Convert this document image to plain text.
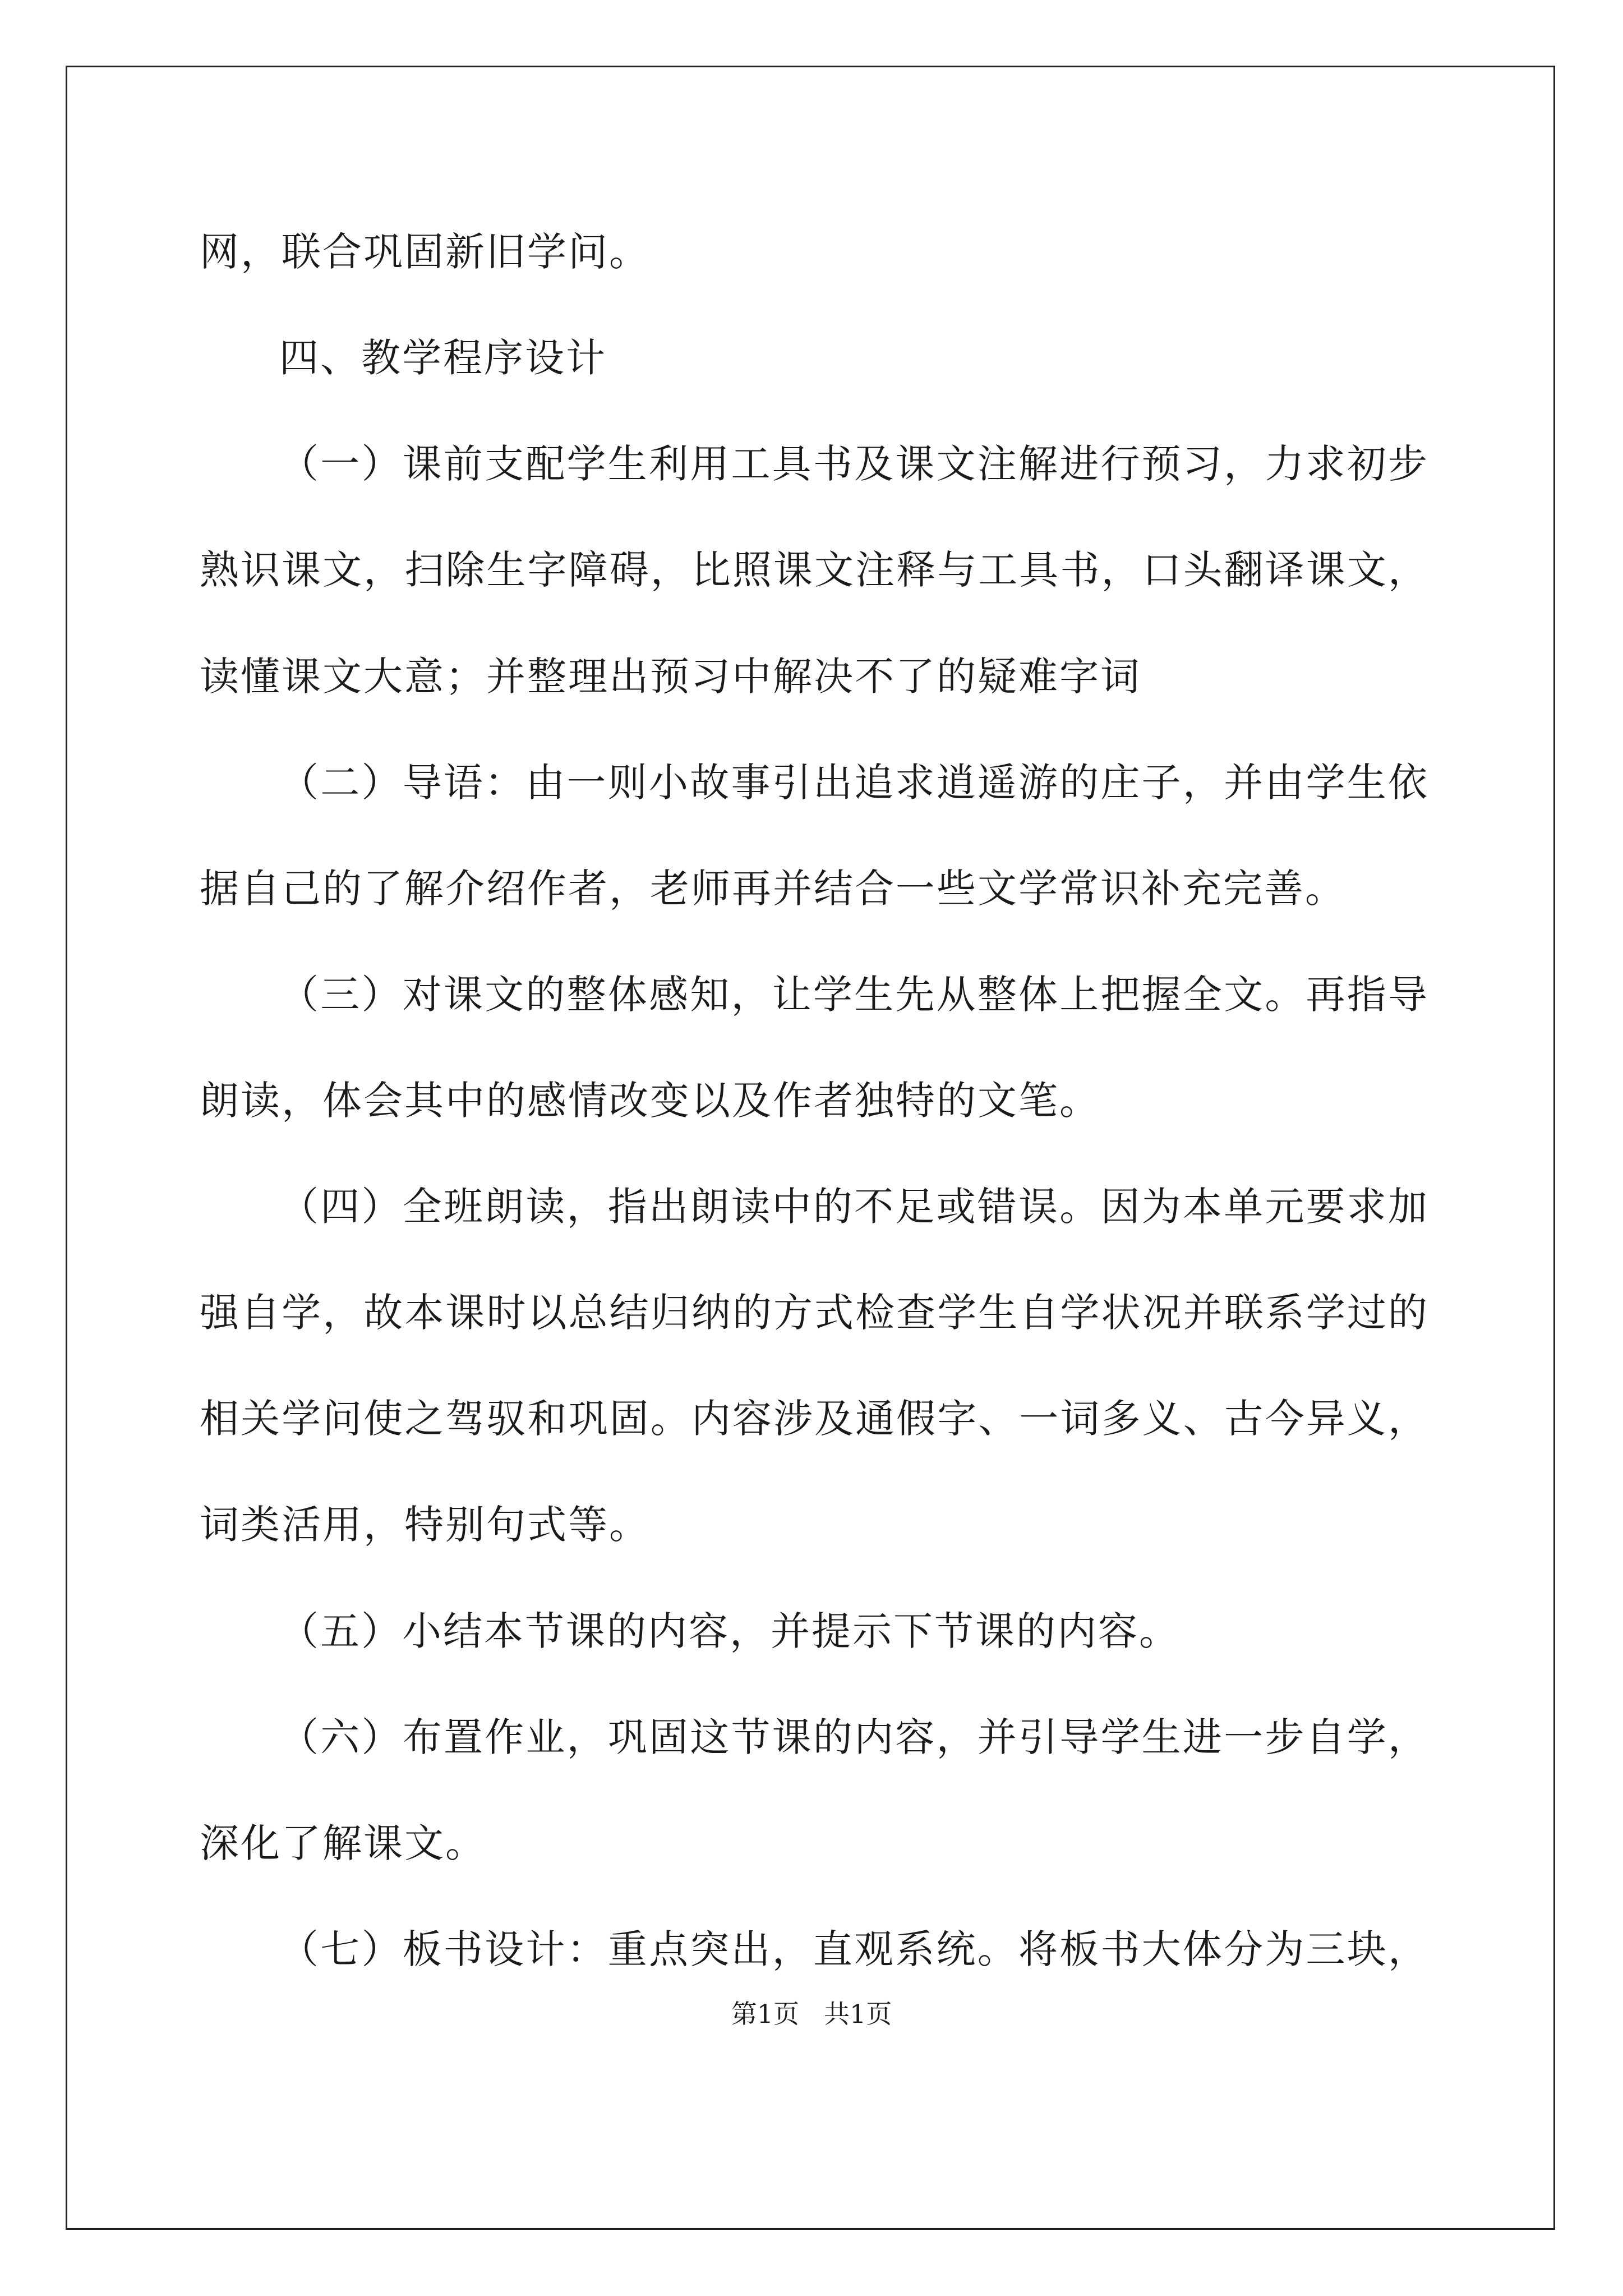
网，联合巩固新旧学问。
四、教学程序设计
（一）课前支配学生利用工具书及课文注解进行预习，力求初步
熟识课文，扫除生字障碍，比照课文注释与工具书，口头翻译课文，
读懂课文大意；并整理出预习中解决不了的疑难字词
（二）导语：由一则小故事引出追求逍遥游的庄子，并由学生依
据自己的了解介绍作者，老师再并结合一些文学常识补充完善。
（三）对课文的整体感知，让学生先从整体上把握全文。再指导
朗读，体会其中的感情改变以及作者独特的文笔。
（四）全班朗读，指出朗读中的不足或错误。因为本单元要求加
强自学，故本课时以总结归纳的方式检查学生自学状况并联系学过的
相关学问使之驾驭和巩固。内容涉及通假字、一词多义、古今异义，
词类活用，特别句式等。
（五）小结本节课的内容，并提示下节课的内容。
（六）布置作业，巩固这节课的内容，并引导学生进一步自学，
深化了解课文。
（七）板书设计：重点突出，直观系统。将板书大体分为三块，
第1页 共1页
